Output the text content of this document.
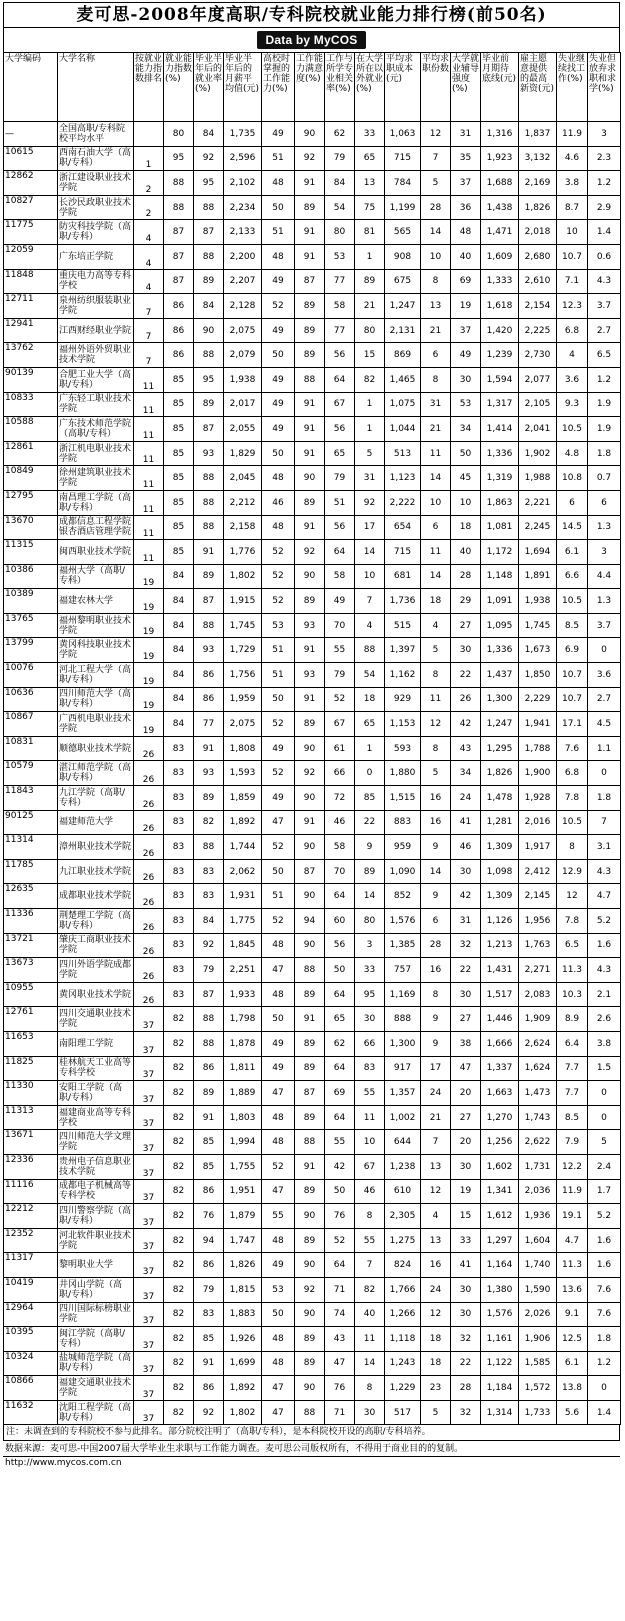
麦可思-2008年度高职/专科院校就业能力排行榜(前50名)
Data by MyCOS
大学编码	大学名称	按就业能力指数排名	就业能力指数(%)	毕业半年后的就业率(%)	毕业半年后的月薪平均值(元)	高校时掌握的工作能力(%)	工作能力满意度(%)	工作与所学专业相关率(%)	在大学所在以外就业(%)	平均求职成本(元)	平均求职份数	大学就业辅导强度(%)	毕业前月期待底线(元)	雇主愿意提供的最高新资(元)	失业继续找工作(%)	失业但放弃求职和求学(%)
—	全国高职/专科院校平均水平		80	84	1,735	49	90	62	33	1,063	12	31	1,316	1,837	11.9	3
10615	西南石油大学（高职/专科）	1	95	92	2,596	51	92	79	65	715	7	35	1,923	3,132	4.6	2.3
12862	浙江建设职业技术学院	2	88	95	2,102	48	91	84	13	784	5	37	1,688	2,169	3.8	1.2
10827	长沙民政职业技术学院	2	88	88	2,234	50	89	54	75	1,199	28	36	1,438	1,826	8.7	2.9
11775	防灾科技学院（高职/专科）	4	87	87	2,133	51	91	80	81	565	14	48	1,471	2,018	10	1.4
12059	广东培正学院	4	87	88	2,200	48	91	53	1	908	10	40	1,609	2,680	10.7	0.6
11848	重庆电力高等专科学校	4	87	89	2,207	49	87	77	89	675	8	69	1,333	2,610	7.1	4.3
12711	泉州纺织服装职业学院	7	86	84	2,128	52	89	58	21	1,247	13	19	1,618	2,154	12.3	3.7
12941	江西财经职业学院	7	86	90	2,075	49	89	77	80	2,131	21	37	1,420	2,225	6.8	2.7
13762	福州外语外贸职业技术学院	7	86	88	2,079	50	89	56	15	869	6	49	1,239	2,730	4	6.5
90139	合肥工业大学（高职/专科）	11	85	95	1,938	49	88	64	82	1,465	8	30	1,594	2,077	3.6	1.2
10833	广东轻工职业技术学院	11	85	89	2,017	49	91	67	1	1,075	31	53	1,317	2,105	9.3	1.9
10588	广东技术师范学院（高职/专科）	11	85	87	2,055	49	91	56	1	1,044	21	34	1,414	2,041	10.5	1.9
12861	浙江机电职业技术学院	11	85	93	1,829	50	91	65	5	513	11	50	1,336	1,902	4.8	1.8
10849	徐州建筑职业技术学院	11	85	88	2,045	48	90	79	31	1,123	14	45	1,319	1,988	10.8	0.7
12795	南昌理工学院（高职/专科）	11	85	88	2,212	46	89	51	92	2,222	10	10	1,863	2,221	6	6
13670	成都信息工程学院银杏酒店管理学院	11	85	88	2,158	48	91	56	17	654	6	18	1,081	2,245	14.5	1.3
11315	闽西职业技术学院	11	85	91	1,776	52	92	64	14	715	11	40	1,172	1,694	6.1	3
10386	福州大学（高职/专科）	19	84	89	1,802	52	90	58	10	681	14	28	1,148	1,891	6.6	4.4
10389	福建农林大学	19	84	87	1,915	52	89	49	7	1,736	18	29	1,091	1,938	10.5	1.3
13765	福州黎明职业技术学院	19	84	88	1,745	53	93	70	4	515	4	27	1,095	1,745	8.5	3.7
13799	黄冈科技职业技术学院	19	84	93	1,729	51	91	55	88	1,397	5	30	1,336	1,673	6.9	0
10076	河北工程大学（高职/专科）	19	84	86	1,756	51	93	79	54	1,162	8	22	1,437	1,850	10.7	3.6
10636	四川师范大学（高职/专科）	19	84	86	1,959	50	91	52	18	929	11	26	1,300	2,229	10.7	2.7
10867	广西机电职业技术学院	19	84	77	2,075	52	89	67	65	1,153	12	42	1,247	1,941	17.1	4.5
10831	顺德职业技术学院	26	83	91	1,808	49	90	61	1	593	8	43	1,295	1,788	7.6	1.1
10579	湛江师范学院（高职/专科）	26	83	93	1,593	52	92	66	0	1,880	5	34	1,826	1,900	6.8	0
11843	九江学院（高职/专科）	26	83	89	1,859	49	90	72	85	1,515	16	24	1,478	1,928	7.8	1.8
90125	福建师范大学	26	83	82	1,892	47	91	46	22	883	16	41	1,281	2,016	10.5	7
11314	漳州职业技术学院	26	83	88	1,744	52	90	58	9	959	9	46	1,309	1,917	8	3.1
11785	九江职业技术学院	26	83	83	2,062	50	87	70	89	1,090	14	30	1,098	2,412	12.9	4.3
12635	成都职业技术学院	26	83	83	1,931	51	90	64	14	852	9	42	1,309	2,145	12	4.7
11336	荆楚理工学院（高职/专科）	26	83	84	1,775	52	94	60	80	1,576	6	31	1,126	1,956	7.8	5.2
13721	肇庆工商职业技术学院	26	83	92	1,845	48	90	56	3	1,385	28	32	1,213	1,763	6.5	1.6
13673	四川外语学院成都学院	26	83	79	2,251	47	88	50	33	757	16	22	1,431	2,271	11.3	4.3
10955	黄冈职业技术学院	26	83	87	1,933	48	89	64	95	1,169	8	30	1,517	2,083	10.3	2.1
12761	四川交通职业技术学院	37	82	88	1,798	50	91	65	30	888	9	27	1,446	1,909	8.9	2.6
11653	南阳理工学院	37	82	88	1,878	49	89	62	66	1,300	9	38	1,666	2,624	6.4	3.8
11825	桂林航天工业高等专科学校	37	82	86	1,811	49	89	64	83	917	17	47	1,337	1,624	7.7	1.5
11330	安阳工学院（高职/专科）	37	82	89	1,889	47	87	69	55	1,357	24	20	1,663	1,473	7.7	0
11313	福建商业高等专科学校	37	82	91	1,803	48	89	64	11	1,002	21	27	1,270	1,743	8.5	0
13671	四川师范大学文理学院	37	82	85	1,994	48	88	55	10	644	7	20	1,256	2,622	7.9	5
12336	贵州电子信息职业技术学院	37	82	85	1,755	52	91	42	67	1,238	13	30	1,602	1,731	12.2	2.4
11116	成都电子机械高等专科学校	37	82	86	1,951	47	89	50	46	610	12	19	1,341	2,036	11.9	1.7
12212	四川警察学院（高职/专科）	37	82	76	1,879	55	90	76	8	2,305	4	15	1,612	1,936	19.1	5.2
12352	河北软件职业技术学院	37	82	94	1,747	48	89	52	55	1,275	13	33	1,297	1,604	4.7	1.6
11317	黎明职业大学	37	82	86	1,826	49	90	64	7	824	16	41	1,164	1,740	11.3	1.6
10419	井冈山学院（高职/专科）	37	82	79	1,815	53	92	71	82	1,766	24	30	1,380	1,590	13.6	7.6
12964	四川国际标榜职业学院	37	82	83	1,883	50	90	74	40	1,266	12	30	1,576	2,026	9.1	7.6
10395	闽江学院（高职/专科）	37	82	85	1,926	48	89	43	11	1,118	18	32	1,161	1,906	12.5	1.8
10324	盐城师范学院（高职/专科）	37	82	91	1,699	48	89	47	14	1,243	18	22	1,122	1,585	6.1	1.2
10866	福建交通职业技术学院	37	82	86	1,892	47	90	76	8	1,229	23	28	1,184	1,572	13.8	0
11632	沈阳工程学院（高职/专科）	37	82	92	1,802	47	88	71	30	517	5	32	1,314	1,733	5.6	1.4
注：未调查到的专科院校不参与此排名。部分院校注明了（高职/专科），是本科院校开设的高职/专科培养。
数据来源：麦可思-中国2007届大学毕业生求职与工作能力调查。麦可思公司版权所有，不得用于商业目的的复制。
http://www.mycos.com.cn
